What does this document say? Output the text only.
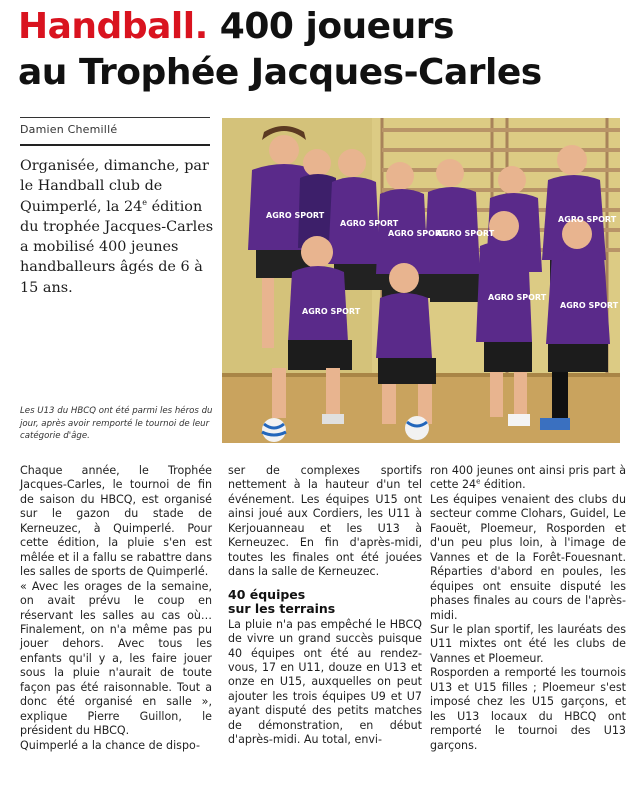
Handball. 400 joueurs
au Trophée Jacques-Carles
Damien Chemillé

Organisée, dimanche, par le Handball club de Quimperlé, la 24e édition du trophée Jacques-Carles a mobilisé 400 jeunes handballeurs âgés de 6 à 15 ans.

AGRO SPORT
AGRO SPORT
AGRO SPORT
AGRO SPORT
AGRO SPORT
AGRO SPORT
AGRO SPORT
AGRO SPORT

Les U13 du HBCQ ont été parmi les héros du jour, après avoir remporté le tournoi de leur catégorie d'âge.

Chaque année, le Trophée Jacques-Carles, le tournoi de fin de saison du HBCQ, est organisé sur le gazon du stade de Kerneuzec, à Quimperlé. Pour cette édition, la pluie s'en est mêlée et il a fallu se rabattre dans les salles de sports de Quimperlé.

« Avec les orages de la semaine, on avait prévu le coup en réservant les salles au cas où… Finalement, on n'a même pas pu jouer dehors. Avec tous les enfants qu'il y a, les faire jouer sous la pluie n'aurait de toute façon pas été raisonnable. Tout a donc été organisé en salle », explique Pierre Guillon, le président du HBCQ.

Quimperlé a la chance de dispo-

ser de complexes sportifs nettement à la hauteur d'un tel événement. Les équipes U15 ont ainsi joué aux Cordiers, les U11 à Kerjouanneau et les U13 à Kerneuzec. En fin d'après-midi, toutes les finales ont été jouées dans la salle de Kerneuzec.

40 équipes
sur les terrains

La pluie n'a pas empêché le HBCQ de vivre un grand succès puisque 40 équipes ont été au rendez-vous, 17 en U11, douze en U13 et onze en U15, auxquelles on peut ajouter les trois équipes U9 et U7 ayant disputé des petits matches de démonstration, en début d'après-midi. Au total, envi-

ron 400 jeunes ont ainsi pris part à cette 24e édition.

Les équipes venaient des clubs du secteur comme Clohars, Guidel, Le Faouët, Ploemeur, Rosporden et d'un peu plus loin, à l'image de Vannes et de la Forêt-Fouesnant. Réparties d'abord en poules, les équipes ont ensuite disputé les phases finales au cours de l'après-midi.

Sur le plan sportif, les lauréats des U11 mixtes ont été les clubs de Vannes et Ploemeur.

Rosporden a remporté les tournois U13 et U15 filles ; Ploemeur s'est imposé chez les U15 garçons, et les U13 locaux du HBCQ ont remporté le tournoi des U13 garçons.
